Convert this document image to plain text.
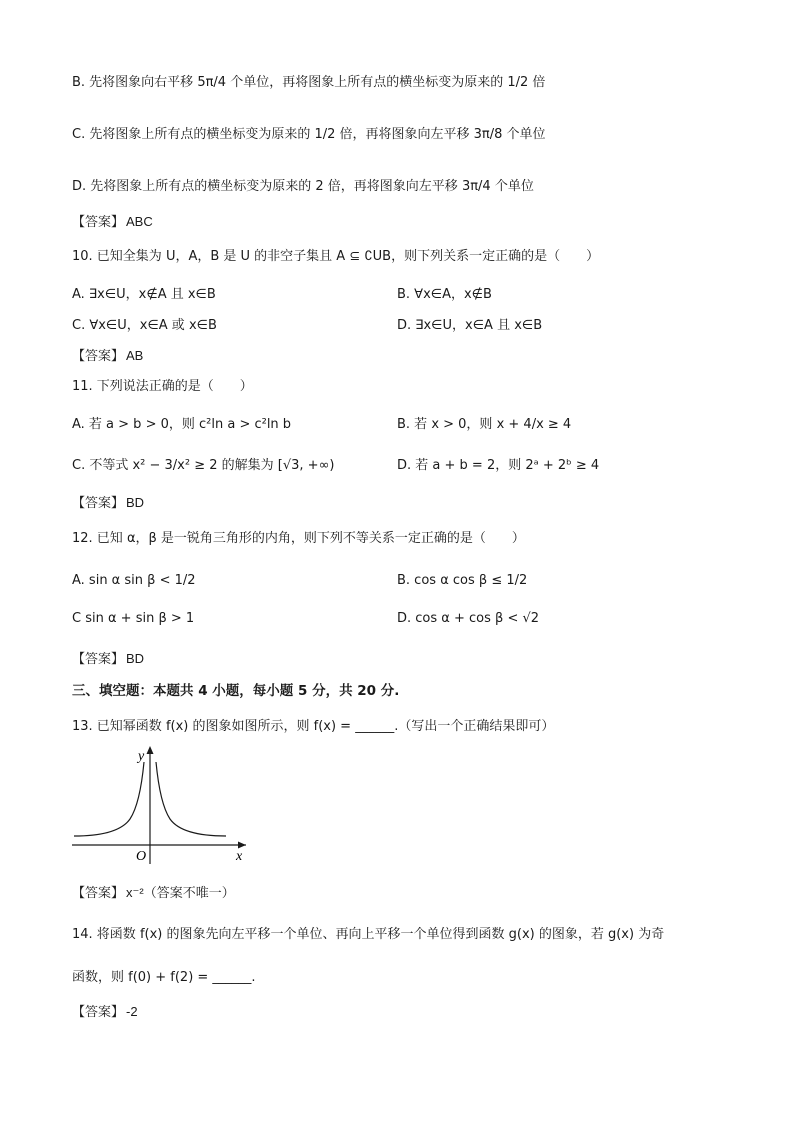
B. 先将图象向右平移 5π/4 个单位，再将图象上所有点的横坐标变为原来的 1/2 倍
C. 先将图象上所有点的横坐标变为原来的 1/2 倍，再将图象向左平移 3π/8 个单位
D. 先将图象上所有点的横坐标变为原来的 2 倍，再将图象向左平移 3π/4 个单位
【答案】 ABC
10. 已知全集为 U，A，B 是 U 的非空子集且 A ⊆ ∁UB，则下列关系一定正确的是（　　）
A. ∃x∈U，x∉A 且 x∈B	B. ∀x∈A，x∉B
C. ∀x∈U，x∈A 或 x∈B	D. ∃x∈U，x∈A 且 x∈B
【答案】 AB
11. 下列说法正确的是（　　）
A. 若 a > b > 0，则 c²ln a > c²ln b	B. 若 x > 0，则 x + 4/x ≥ 4
C. 不等式 x² − 3/x² ≥ 2 的解集为 [√3, +∞)	D. 若 a + b = 2，则 2ᵃ + 2ᵇ ≥ 4
【答案】 BD
12. 已知 α，β 是一锐角三角形的内角，则下列不等关系一定正确的是（　　）
A. sin α sin β < 1/2	B. cos α cos β ≤ 1/2
C sin α + sin β > 1	D. cos α + cos β < √2
【答案】 BD
三、填空题：本题共 4 小题，每小题 5 分，共 20 分.
13. 已知幂函数 f(x) 的图象如图所示，则 f(x) = ______.（写出一个正确结果即可）
y
x
O
【答案】 x⁻²（答案不唯一）
14. 将函数 f(x) 的图象先向左平移一个单位、再向上平移一个单位得到函数 g(x) 的图象，若 g(x) 为奇
函数，则 f(0) + f(2) = ______.
【答案】 -2
